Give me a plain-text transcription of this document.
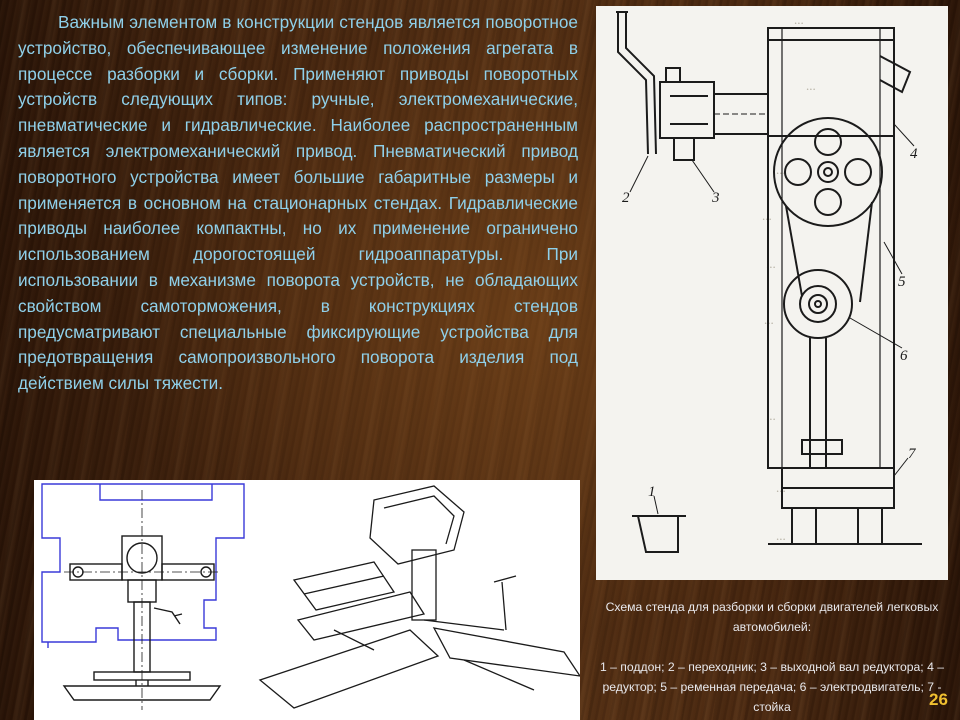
Важным элементом в конструкции стендов является поворотное устройство, обеспечивающее изменение положения агрегата в процессе разборки и сборки. Применяют приводы поворотных устройств следующих типов: ручные, электромеханические, пневматические и гидравлические. Наиболее распространенным является электромеханический привод. Пневматический привод поворотного устройства имеет большие габаритные размеры и применяется в основном на стационарных стендах. Гидравлические приводы наиболее компактны, но их применение ограничено использованием дорогостоящей гидроаппаратуры. При использовании в механизме поворота устройств, не обладающих свойством самоторможения, в конструкциях стендов предусматривают специальные фиксирующие устройства для предотвращения самопроизвольного поворота изделия под действием силы тяжести.
...
...
...
...
...
...
...
...
...
1
2	3
4
5
6
7

Схема стенда для разборки и сборки двигателей легковых автомобилей:

1 – поддон; 2 – переходник; 3 – выходной вал редуктора; 4 – редуктор; 5 – ременная передача; 6 – электродвигатель; 7 - стойка	26
